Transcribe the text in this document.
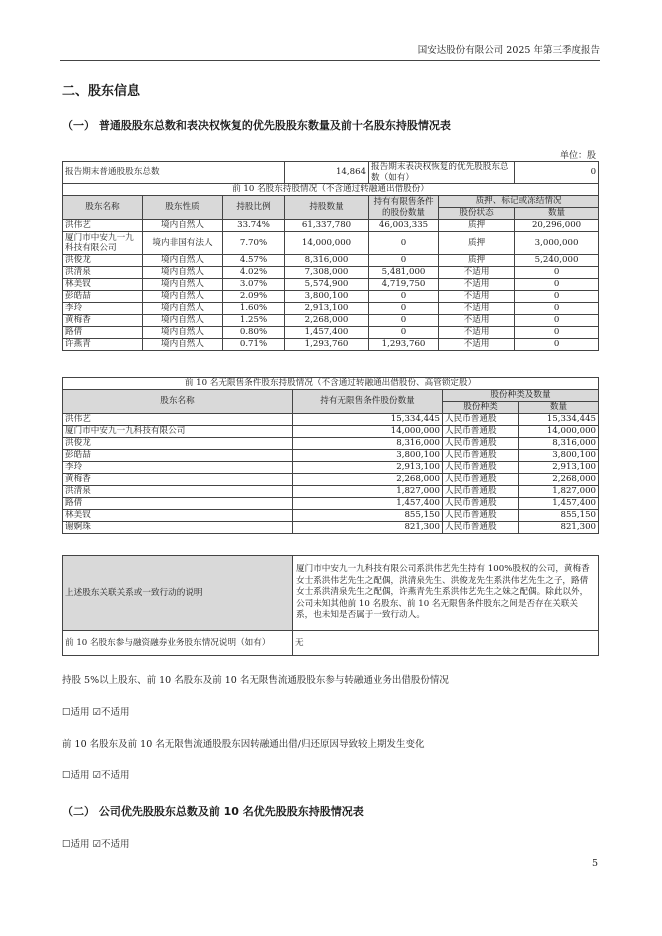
国安达股份有限公司 2025 年第三季度报告
二、股东信息
（一） 普通股股东总数和表决权恢复的优先股股东数量及前十名股东持股情况表
单位：股
报告期末普通股股东总数			14,864	报告期末表决权恢复的优先股股东总数（如有）		0
前 10 名股东持股情况（不含通过转融通出借股份）						
股东名称	股东性质	持股比例	持股数量	持有有限售条件的股份数量	质押、标记或冻结情况	
					股份状态	数量
洪伟艺	境内自然人	33.74%	61,337,780	46,003,335	质押	20,296,000
厦门市中安九一九科技有限公司	境内非国有法人	7.70%	14,000,000	0	质押	3,000,000
洪俊龙	境内自然人	4.57%	8,316,000	0	质押	5,240,000
洪清泉	境内自然人	4.02%	7,308,000	5,481,000	不适用	0
林美钗	境内自然人	3.07%	5,574,900	4,719,750	不适用	0
彭皓喆	境内自然人	2.09%	3,800,100	0	不适用	0
李玲	境内自然人	1.60%	2,913,100	0	不适用	0
黄梅香	境内自然人	1.25%	2,268,000	0	不适用	0
路倩	境内自然人	0.80%	1,457,400	0	不适用	0
许燕青	境内自然人	0.71%	1,293,760	1,293,760	不适用	0
前 10 名无限售条件股东持股情况（不含通过转融通出借股份、高管锁定股）			
股东名称	持有无限售条件股份数量	股份种类及数量	
		股份种类	数量
洪伟艺	15,334,445	人民币普通股	15,334,445
厦门市中安九一九科技有限公司	14,000,000	人民币普通股	14,000,000
洪俊龙	8,316,000	人民币普通股	8,316,000
彭皓喆	3,800,100	人民币普通股	3,800,100
李玲	2,913,100	人民币普通股	2,913,100
黄梅香	2,268,000	人民币普通股	2,268,000
洪清泉	1,827,000	人民币普通股	1,827,000
路倩	1,457,400	人民币普通股	1,457,400
林美钗	855,150	人民币普通股	855,150
谢婀珠	821,300	人民币普通股	821,300
上述股东关联关系或一致行动的说明	厦门市中安九一九科技有限公司系洪伟艺先生持有 100%股权的公司，黄梅香女士系洪伟艺先生之配偶，洪清泉先生、洪俊龙先生系洪伟艺先生之子，路倩女士系洪清泉先生之配偶，许燕青先生系洪伟艺先生之妹之配偶。除此以外，公司未知其他前 10 名股东、前 10 名无限售条件股东之间是否存在关联关系，也未知是否属于一致行动人。
前 10 名股东参与融资融券业务股东情况说明（如有）	无
持股 5%以上股东、前 10 名股东及前 10 名无限售流通股股东参与转融通业务出借股份情况
☐适用 ☑不适用
前 10 名股东及前 10 名无限售流通股股东因转融通出借/归还原因导致较上期发生变化
☐适用 ☑不适用
（二） 公司优先股股东总数及前 10 名优先股股东持股情况表
☐适用 ☑不适用
5
